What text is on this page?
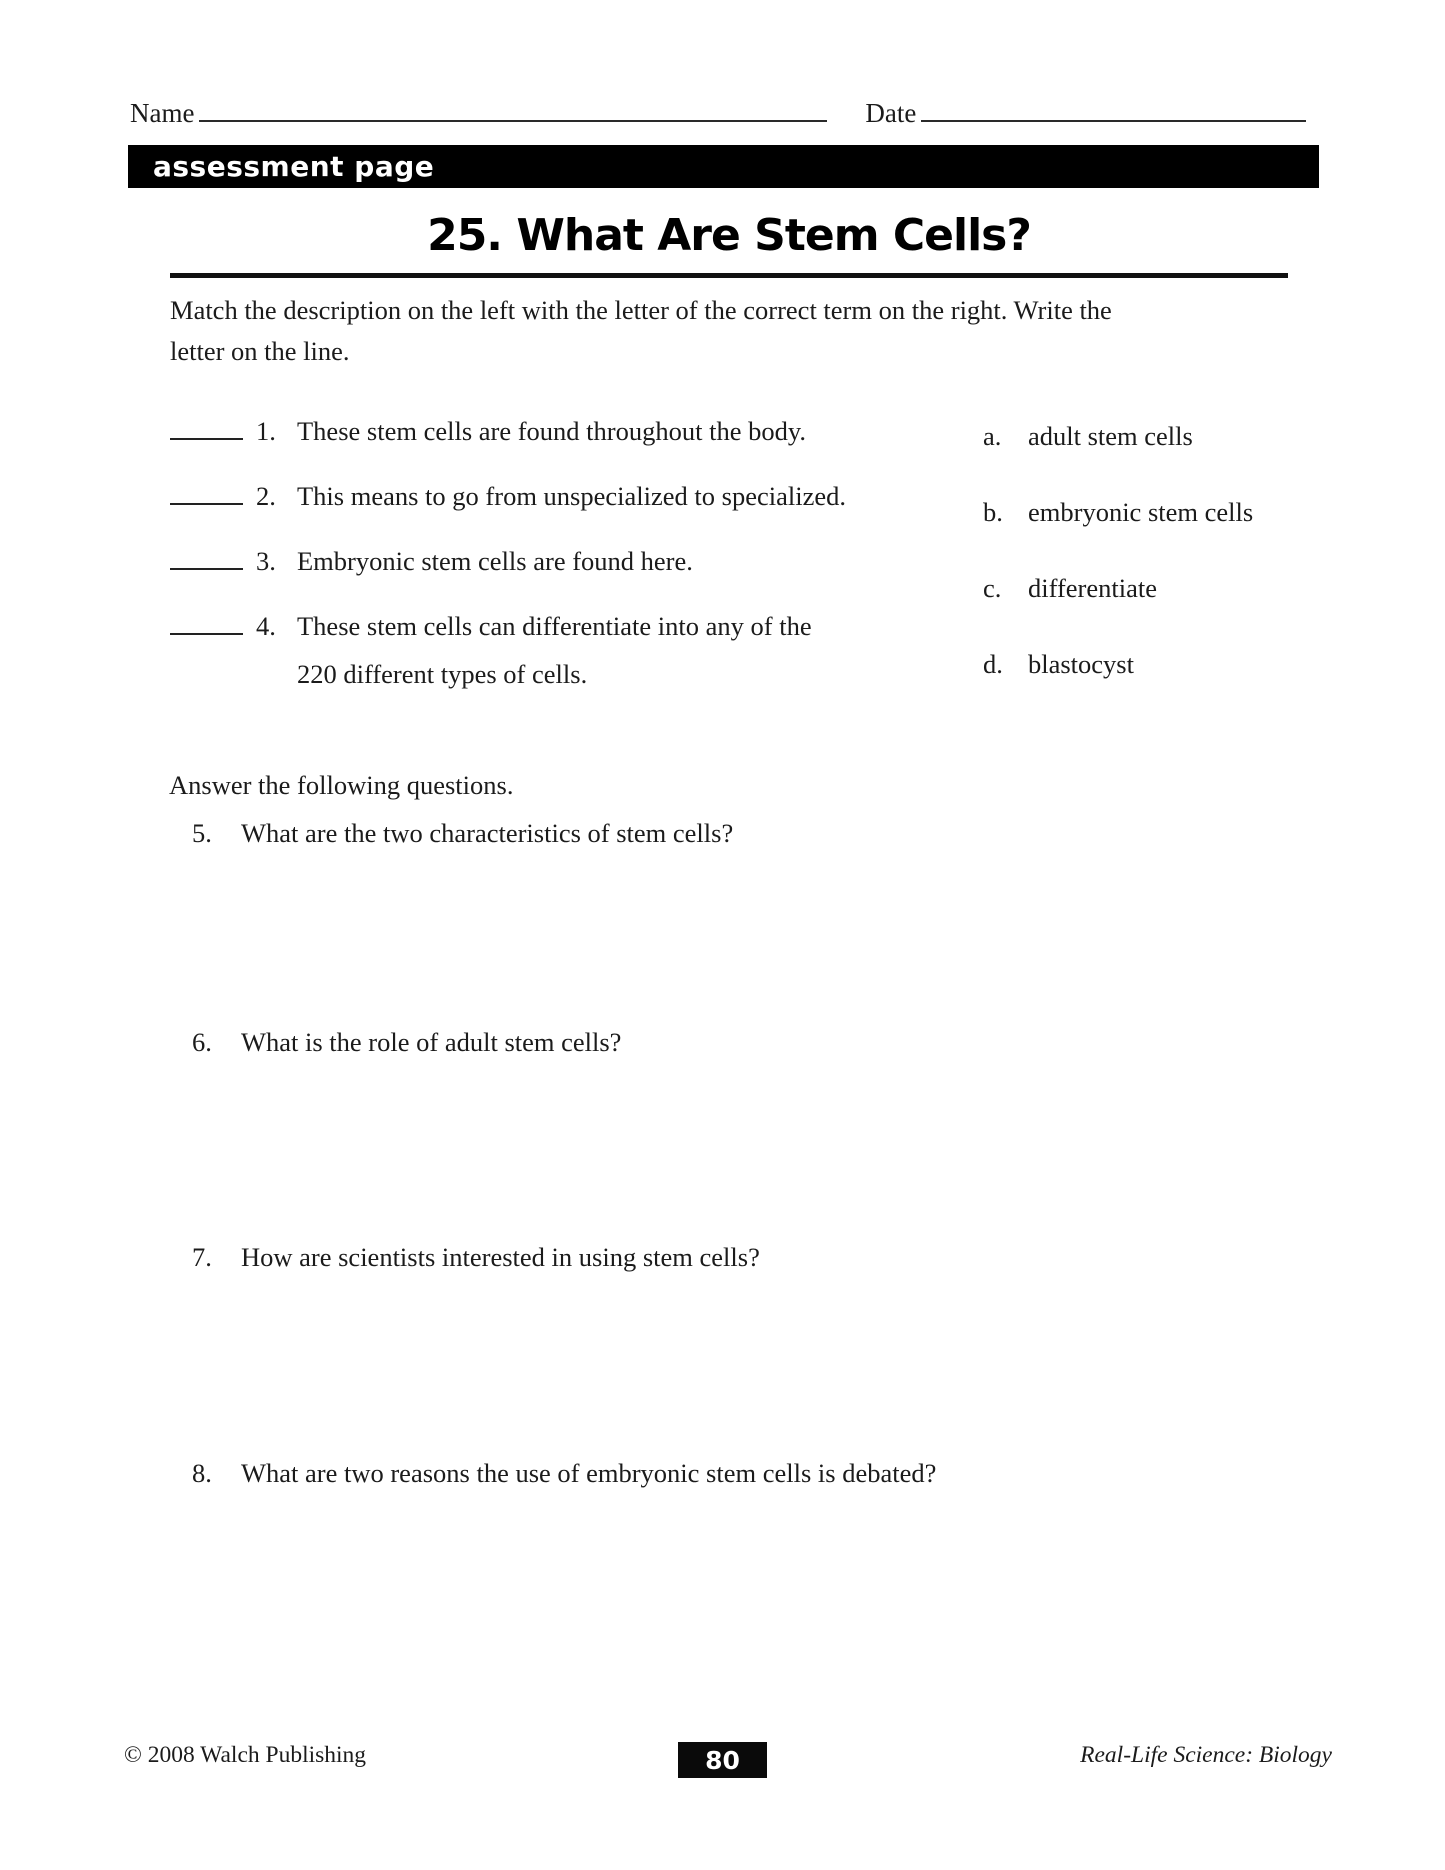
Name	Date
assessment page
25. What Are Stem Cells?
Match the description on the left with the letter of the correct term on the right. Write the
letter on the line.
1. These stem cells are found throughout the body.
2. This means to go from unspecialized to specialized.
3. Embryonic stem cells are found here.
4. These stem cells can differentiate into any of the
220 different types of cells.
a.	adult stem cells
b. embryonic stem cells
c.	differentiate
d. blastocyst
Answer the following questions.
5.	What are the two characteristics of stem cells?
6.	What is the role of adult stem cells?
7.	How are scientists interested in using stem cells?
8.	What are two reasons the use of embryonic stem cells is debated?
© 2008 Walch Publishing	Real-Life Science: Biology
80
